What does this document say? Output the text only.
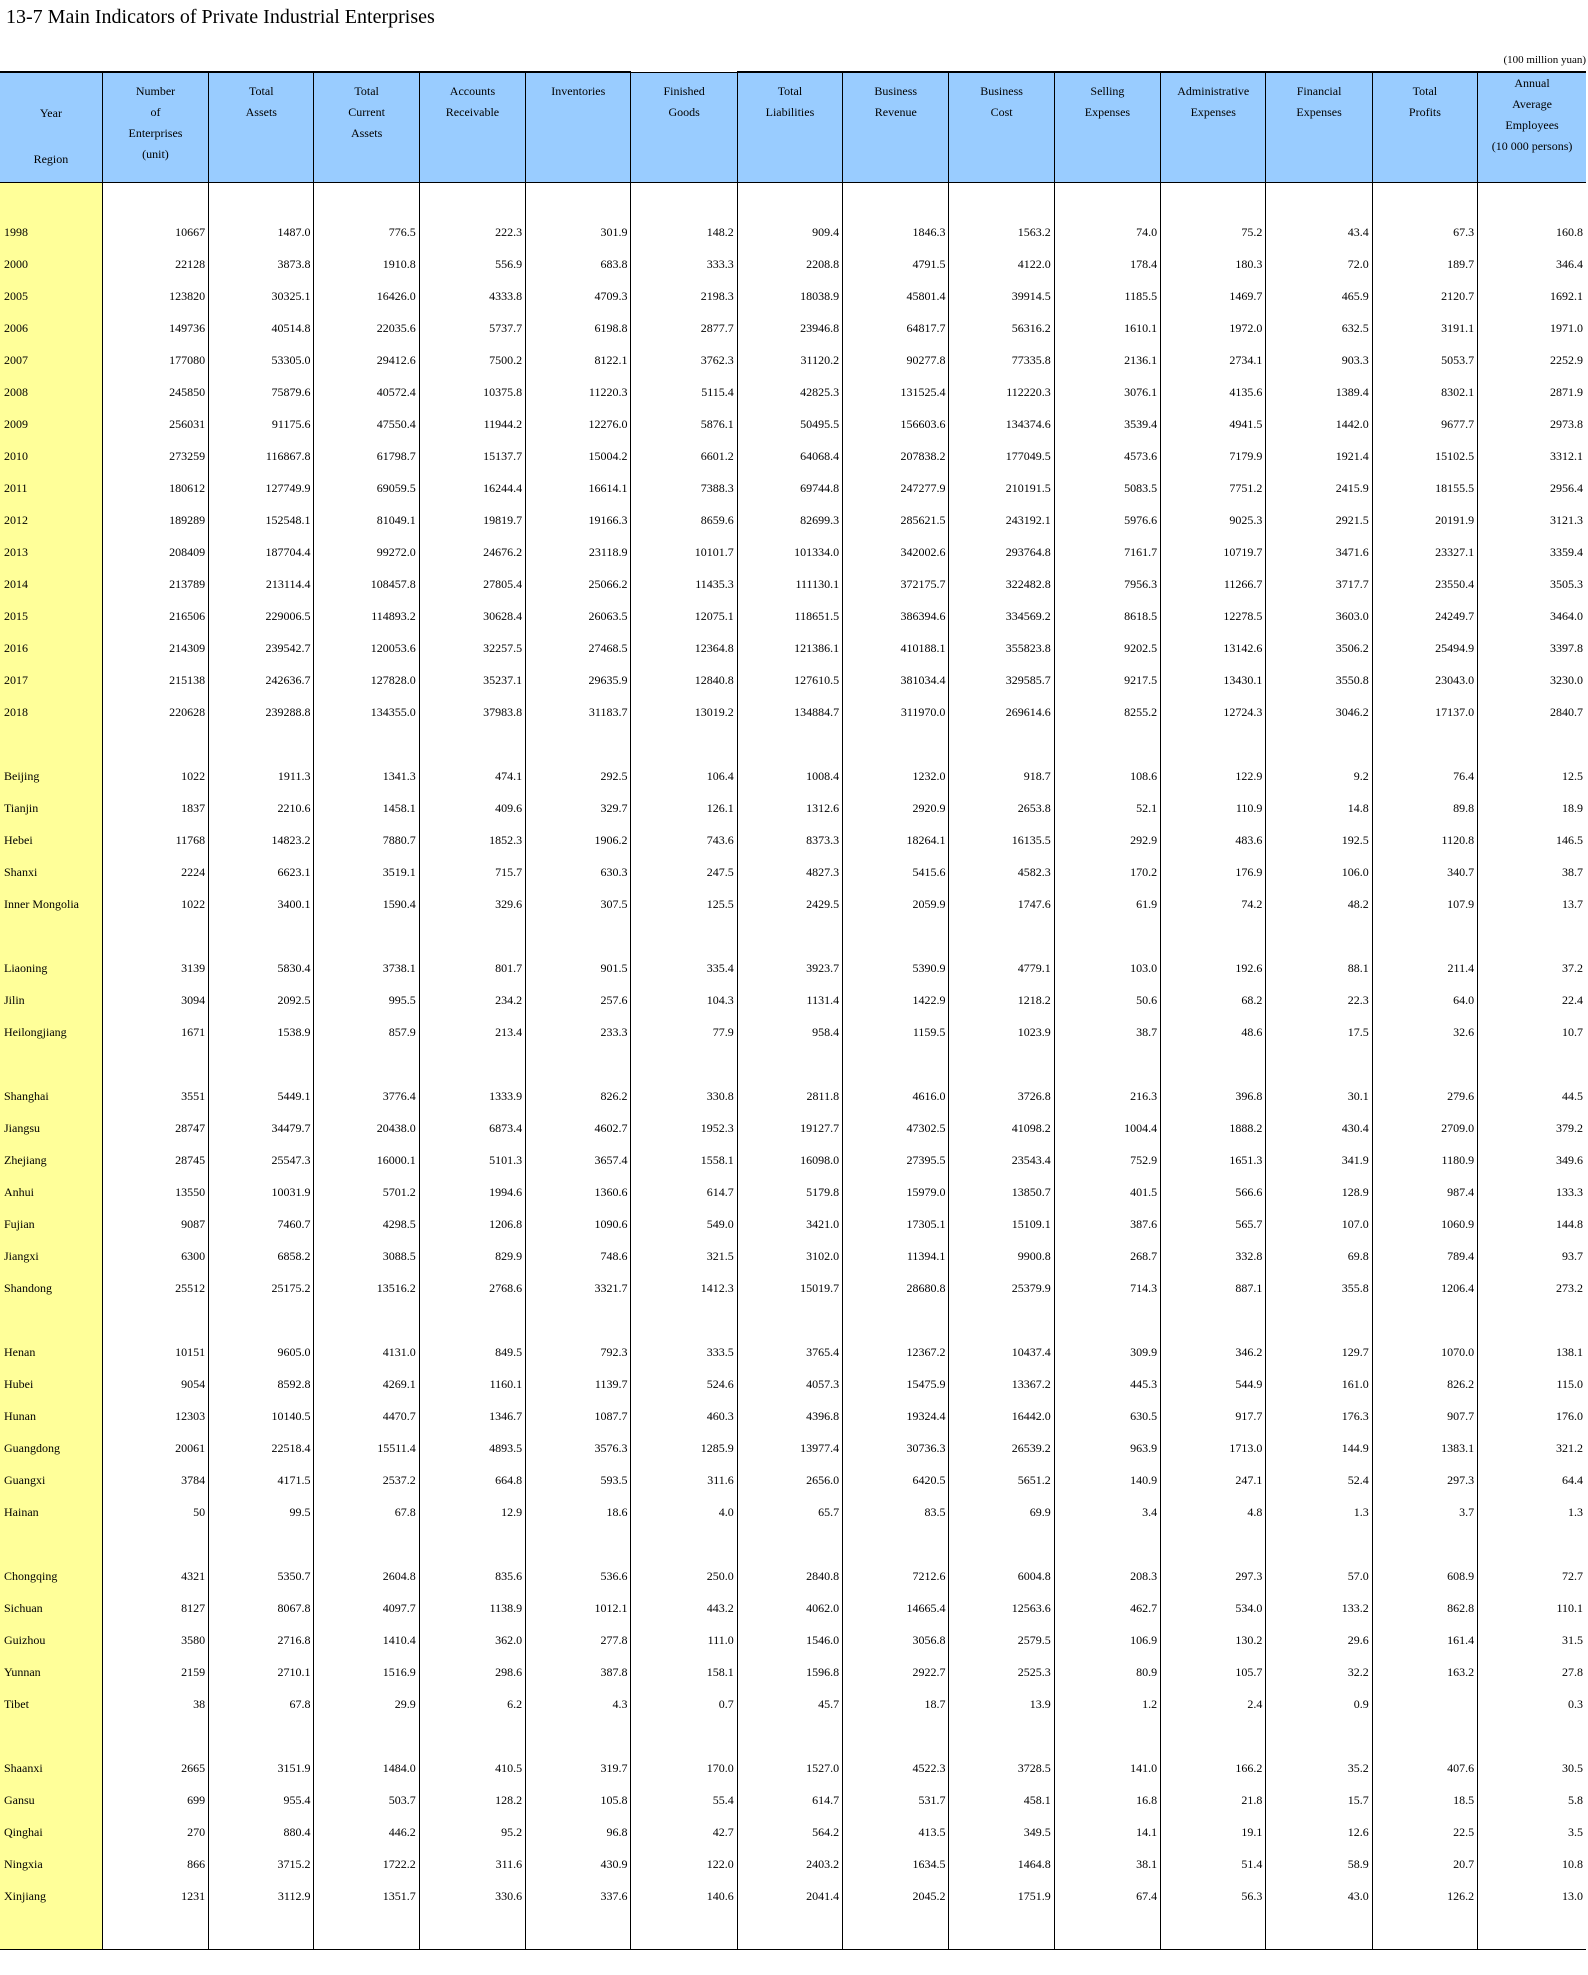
13-7 Main Indicators of Private Industrial Enterprises
(100 million yuan)
Year
Region	Number
of
Enterprises
(unit)	Total
Assets	Total
Current
Assets	Accounts
Receivable	Inventories	Finished
Goods	Total
Liabilities	Business
Revenue	Business
Cost	Selling
Expenses	Administrative
Expenses	Financial
Expenses	Total
Profits	Annual
Average
Employees
(10 000 persons)

1998	10667	1487.0	776.5	222.3	301.9	148.2	909.4	1846.3	1563.2	74.0	75.2	43.4	67.3	160.8
2000	22128	3873.8	1910.8	556.9	683.8	333.3	2208.8	4791.5	4122.0	178.4	180.3	72.0	189.7	346.4
2005	123820	30325.1	16426.0	4333.8	4709.3	2198.3	18038.9	45801.4	39914.5	1185.5	1469.7	465.9	2120.7	1692.1
2006	149736	40514.8	22035.6	5737.7	6198.8	2877.7	23946.8	64817.7	56316.2	1610.1	1972.0	632.5	3191.1	1971.0
2007	177080	53305.0	29412.6	7500.2	8122.1	3762.3	31120.2	90277.8	77335.8	2136.1	2734.1	903.3	5053.7	2252.9
2008	245850	75879.6	40572.4	10375.8	11220.3	5115.4	42825.3	131525.4	112220.3	3076.1	4135.6	1389.4	8302.1	2871.9
2009	256031	91175.6	47550.4	11944.2	12276.0	5876.1	50495.5	156603.6	134374.6	3539.4	4941.5	1442.0	9677.7	2973.8
2010	273259	116867.8	61798.7	15137.7	15004.2	6601.2	64068.4	207838.2	177049.5	4573.6	7179.9	1921.4	15102.5	3312.1
2011	180612	127749.9	69059.5	16244.4	16614.1	7388.3	69744.8	247277.9	210191.5	5083.5	7751.2	2415.9	18155.5	2956.4
2012	189289	152548.1	81049.1	19819.7	19166.3	8659.6	82699.3	285621.5	243192.1	5976.6	9025.3	2921.5	20191.9	3121.3
2013	208409	187704.4	99272.0	24676.2	23118.9	10101.7	101334.0	342002.6	293764.8	7161.7	10719.7	3471.6	23327.1	3359.4
2014	213789	213114.4	108457.8	27805.4	25066.2	11435.3	111130.1	372175.7	322482.8	7956.3	11266.7	3717.7	23550.4	3505.3
2015	216506	229006.5	114893.2	30628.4	26063.5	12075.1	118651.5	386394.6	334569.2	8618.5	12278.5	3603.0	24249.7	3464.0
2016	214309	239542.7	120053.6	32257.5	27468.5	12364.8	121386.1	410188.1	355823.8	9202.5	13142.6	3506.2	25494.9	3397.8
2017	215138	242636.7	127828.0	35237.1	29635.9	12840.8	127610.5	381034.4	329585.7	9217.5	13430.1	3550.8	23043.0	3230.0
2018	220628	239288.8	134355.0	37983.8	31183.7	13019.2	134884.7	311970.0	269614.6	8255.2	12724.3	3046.2	17137.0	2840.7

Beijing	1022	1911.3	1341.3	474.1	292.5	106.4	1008.4	1232.0	918.7	108.6	122.9	9.2	76.4	12.5
Tianjin	1837	2210.6	1458.1	409.6	329.7	126.1	1312.6	2920.9	2653.8	52.1	110.9	14.8	89.8	18.9
Hebei	11768	14823.2	7880.7	1852.3	1906.2	743.6	8373.3	18264.1	16135.5	292.9	483.6	192.5	1120.8	146.5
Shanxi	2224	6623.1	3519.1	715.7	630.3	247.5	4827.3	5415.6	4582.3	170.2	176.9	106.0	340.7	38.7
Inner Mongolia	1022	3400.1	1590.4	329.6	307.5	125.5	2429.5	2059.9	1747.6	61.9	74.2	48.2	107.9	13.7

Liaoning	3139	5830.4	3738.1	801.7	901.5	335.4	3923.7	5390.9	4779.1	103.0	192.6	88.1	211.4	37.2
Jilin	3094	2092.5	995.5	234.2	257.6	104.3	1131.4	1422.9	1218.2	50.6	68.2	22.3	64.0	22.4
Heilongjiang	1671	1538.9	857.9	213.4	233.3	77.9	958.4	1159.5	1023.9	38.7	48.6	17.5	32.6	10.7

Shanghai	3551	5449.1	3776.4	1333.9	826.2	330.8	2811.8	4616.0	3726.8	216.3	396.8	30.1	279.6	44.5
Jiangsu	28747	34479.7	20438.0	6873.4	4602.7	1952.3	19127.7	47302.5	41098.2	1004.4	1888.2	430.4	2709.0	379.2
Zhejiang	28745	25547.3	16000.1	5101.3	3657.4	1558.1	16098.0	27395.5	23543.4	752.9	1651.3	341.9	1180.9	349.6
Anhui	13550	10031.9	5701.2	1994.6	1360.6	614.7	5179.8	15979.0	13850.7	401.5	566.6	128.9	987.4	133.3
Fujian	9087	7460.7	4298.5	1206.8	1090.6	549.0	3421.0	17305.1	15109.1	387.6	565.7	107.0	1060.9	144.8
Jiangxi	6300	6858.2	3088.5	829.9	748.6	321.5	3102.0	11394.1	9900.8	268.7	332.8	69.8	789.4	93.7
Shandong	25512	25175.2	13516.2	2768.6	3321.7	1412.3	15019.7	28680.8	25379.9	714.3	887.1	355.8	1206.4	273.2

Henan	10151	9605.0	4131.0	849.5	792.3	333.5	3765.4	12367.2	10437.4	309.9	346.2	129.7	1070.0	138.1
Hubei	9054	8592.8	4269.1	1160.1	1139.7	524.6	4057.3	15475.9	13367.2	445.3	544.9	161.0	826.2	115.0
Hunan	12303	10140.5	4470.7	1346.7	1087.7	460.3	4396.8	19324.4	16442.0	630.5	917.7	176.3	907.7	176.0
Guangdong	20061	22518.4	15511.4	4893.5	3576.3	1285.9	13977.4	30736.3	26539.2	963.9	1713.0	144.9	1383.1	321.2
Guangxi	3784	4171.5	2537.2	664.8	593.5	311.6	2656.0	6420.5	5651.2	140.9	247.1	52.4	297.3	64.4
Hainan	50	99.5	67.8	12.9	18.6	4.0	65.7	83.5	69.9	3.4	4.8	1.3	3.7	1.3

Chongqing	4321	5350.7	2604.8	835.6	536.6	250.0	2840.8	7212.6	6004.8	208.3	297.3	57.0	608.9	72.7
Sichuan	8127	8067.8	4097.7	1138.9	1012.1	443.2	4062.0	14665.4	12563.6	462.7	534.0	133.2	862.8	110.1
Guizhou	3580	2716.8	1410.4	362.0	277.8	111.0	1546.0	3056.8	2579.5	106.9	130.2	29.6	161.4	31.5
Yunnan	2159	2710.1	1516.9	298.6	387.8	158.1	1596.8	2922.7	2525.3	80.9	105.7	32.2	163.2	27.8
Tibet	38	67.8	29.9	6.2	4.3	0.7	45.7	18.7	13.9	1.2	2.4	0.9		0.3

Shaanxi	2665	3151.9	1484.0	410.5	319.7	170.0	1527.0	4522.3	3728.5	141.0	166.2	35.2	407.6	30.5
Gansu	699	955.4	503.7	128.2	105.8	55.4	614.7	531.7	458.1	16.8	21.8	15.7	18.5	5.8
Qinghai	270	880.4	446.2	95.2	96.8	42.7	564.2	413.5	349.5	14.1	19.1	12.6	22.5	3.5
Ningxia	866	3715.2	1722.2	311.6	430.9	122.0	2403.2	1634.5	1464.8	38.1	51.4	58.9	20.7	10.8
Xinjiang	1231	3112.9	1351.7	330.6	337.6	140.6	2041.4	2045.2	1751.9	67.4	56.3	43.0	126.2	13.0
